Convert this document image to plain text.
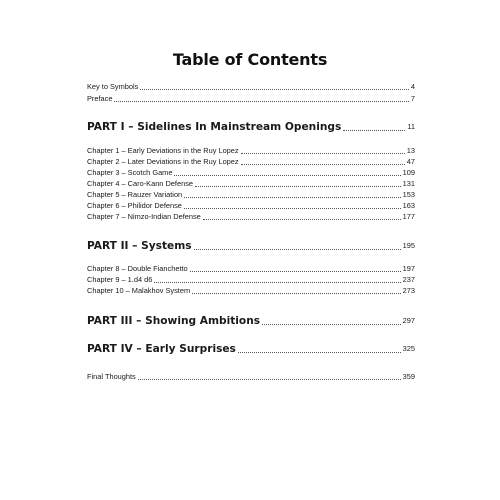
Table of Contents
Key to Symbols	4
Preface	7
PART I – Sidelines In Mainstream Openings	11
Chapter 1 – Early Deviations in the Ruy Lopez	13
Chapter 2 – Later Deviations in the Ruy Lopez	47
Chapter 3 – Scotch Game	109
Chapter 4 – Caro-Kann Defense	131
Chapter 5 – Rauzer Variation	153
Chapter 6 – Philidor Defense	163
Chapter 7 – Nimzo-Indian Defense	177
PART II – Systems	195
Chapter 8 – Double Fianchetto	197
Chapter 9 – 1.d4 d6	237
Chapter 10 – Malakhov System	273
PART III – Showing Ambitions	297
PART IV – Early Surprises	325
Final Thoughts	359
